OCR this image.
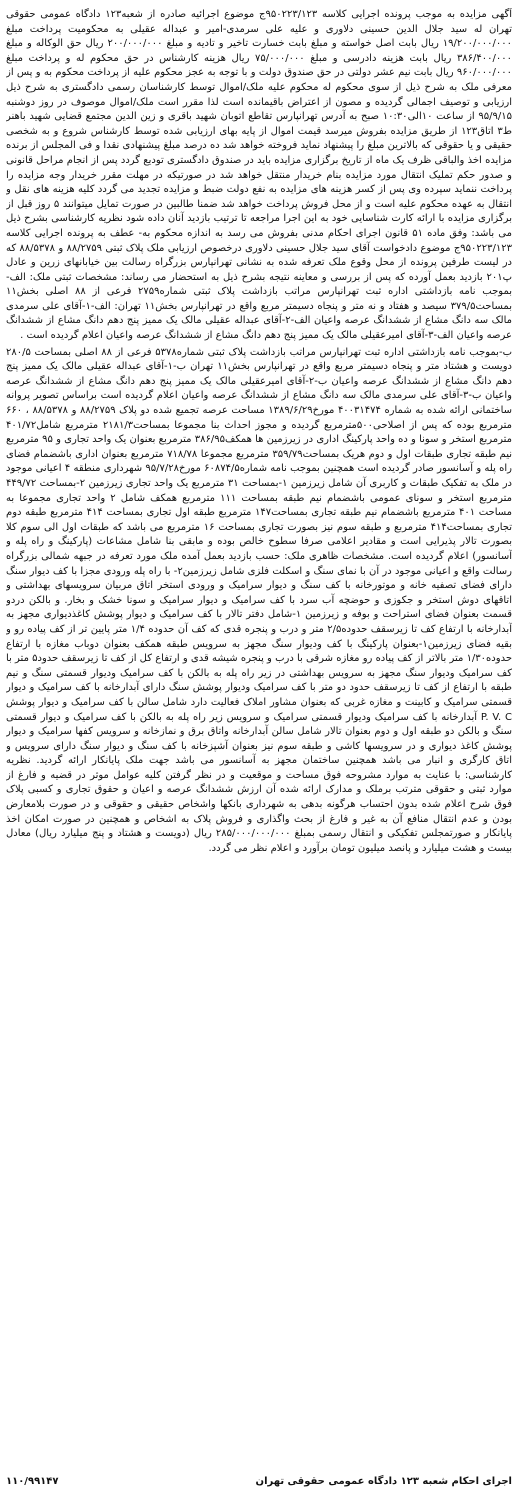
آگهی مزایده به موجب پرونده اجرایی کلاسه ۹۵۰۲۲۳/۱۲۳ج موضوع اجرائیه صادره از شعبه۱۲۳ دادگاه عمومی حقوقی تهران له سید جلال الدین حسینی دلاوری و علیه علی سرمدی-امیر و عبداله عقیلی به محکومیت پرداخت مبلغ ۱۹/۲۰۰/۰۰۰/۰۰۰ ریال بابت اصل خواسته و مبلغ بابت خسارت تاخیر و تادیه و مبلغ ۲۰۰/۰۰۰/۰۰۰ ریال حق الوکاله و مبلغ ۳۸۶/۴۰۰/۰۰۰ ریال بابت هزینه دادرسی و مبلغ ۷۵/۰۰۰/۰۰۰ ریال هزینه کارشناس در حق محکوم له و پرداخت مبلغ ۹۶۰/۰۰۰/۰۰۰ ریال بابت نیم عشر دولتی در حق صندوق دولت و با توجه به عجز محکوم علیه از پرداخت محکوم به و پس از معرفی ملک به شرح ذیل از سوی محکوم له محکوم علیه ملک/اموال توسط کارشناسان رسمی دادگستری به شرح ذیل ارزیابی و توصیف اجمالی گردیده و مصون از اعتراض باقیمانده است لذا مقرر است ملک/اموال موصوف در روز دوشنبه ۹۵/۹/۱۵ از ساعت ۱۰الی۱۰:۳۰ صبح به آدرس تهرانپارس تقاطع اتوبان شهید باقری و زین الدین مجتمع قضایی شهید باهنر ط۳ اتاق۱۲۳ از طریق مزایده بفروش میرسد قیمت اموال از پایه بهای ارزیابی شده توسط کارشناس شروع و به شخصی حقیقی و یا حقوقی که بالاترین مبلغ را پیشنهاد نماید فروخته خواهد شد ده درصد مبلغ پیشنهادی نقدا و فی المجلس از برنده مزایده اخذ والباقی ظرف یک ماه از تاریخ برگزاری مزایده باید در صندوق دادگستری تودیع گردد پس از انجام مراحل قانونی و صدور حکم تملیک انتقال مورد مزایده بنام خریدار منتقل خواهد شد در صورتیکه در مهلت مقرر خریدار وجه مزایده را پرداخت ننماید سپرده وی پس از کسر هزینه های مزایده به نفع دولت ضبط و مزایده تجدید می گردد کلیه هزینه های نقل و انتقال به عهده محکوم علیه است و از محل فروش پرداخت خواهد شد ضمنا طالبین در صورت تمایل میتوانند ۵ روز قبل از برگزاری مزایده با ارائه کارت شناسایی خود به این اجرا مراجعه تا ترتیب بازدید آنان داده شود نظریه کارشناسی بشرح ذیل می باشد: وفق ماده ۵۱ قانون اجرای احکام مدنی بفروش می رسد به اندازه محکوم به- عطف به پرونده اجرایی کلاسه ۹۵۰۲۲۳/۱۲۳ج موضوع دادخواست آقای سید جلال حسینی دلاوری درخصوص ارزیابی ملک پلاک ثبتی ۸۸/۲۷۵۹ و ۸۸/۵۳۷۸ که در لیست طرفین پرونده از محل وقوع ملک تعرفه شده به نشانی تهرانپارس بزرگراه رسالت بین خیابانهای زرین و عادل پ۲۰۱ بازدید بعمل آورده که پس از بررسی و معاینه نتیجه بشرح ذیل به استحضار می رساند: مشخصات ثبتی ملک: الف- بموجب نامه بازداشتی اداره ثبت تهرانپارس مراتب بازداشت پلاک ثبتی شماره۲۷۵۹ فرعی از ۸۸ اصلی بخش۱۱ بمساحت۳۷۹/۵ سیصد و هفتاد و نه متر و پنجاه دسیمتر مربع واقع در تهرانپارس بخش۱۱ تهران: الف-۱-آقای علی سرمدی مالک سه دانگ مشاع از ششدانگ عرصه واعیان الف-۲-آقای عبداله عقیلی مالک یک ممیز پنج دهم دانگ مشاع از ششدانگ عرصه واعیان الف-۳-آقای امیرعقیلی مالک یک ممیز پنج دهم دانگ مشاع از ششدانگ عرصه واعیان اعلام گردیده است .

ب-بموجب نامه بازداشتی اداره ثبت تهرانپارس مراتب بازداشت پلاک ثبتی شماره۵۳۷۸ فرعی از ۸۸ اصلی بمساحت ۲۸۰/۵ دویست و هشتاد متر و پنجاه دسیمتر مربع واقع در تهرانپارس بخش۱۱ تهران ب-۱-آقای عبداله عقیلی مالک یک ممیز پنج دهم دانگ مشاع از ششدانگ عرصه واعیان ب-۲-آقای امیرعقیلی مالک یک ممیز پنج دهم دانگ مشاع از ششدانگ عرصه واعیان ب-۳-آقای علی سرمدی مالک سه دانگ مشاع از ششدانگ عرصه واعیان اعلام گردیده است براساس تصویر پروانه ساختمانی ارائه شده به شماره ۴۰۰۳۱۴۷۴ مورخ۱۳۸۹/۶/۲۹ مساحت عرصه تجمیع شده دو پلاک ۸۸/۲۷۵۹ و ۸۸/۵۳۷۸ ، ۶۶۰ مترمربع بوده که پس از اصلاحی۵۰۰مترمربع گردیده و مجوز احداث بنا مجموعا بمساحت۲۱۸۱/۳ مترمربع شامل۴۰۱/۷۲ مترمربع استخر و سونا و ده واحد پارکینگ اداری در زیرزمین ها همکف۳۸۶/۹۵ مترمربع بعنوان یک واحد تجاری و ۹۵ مترمربع نیم طبقه تجاری طبقات اول و دوم هریک بمساحت۳۵۹/۷۹ مترمربع مجموعا ۷۱۸/۷۸ مترمربع بعنوان اداری باشضمام فضای راه پله و آسانسور صادر گردیده است همچنین بموجب نامه شماره۶۰۸۷۴/۵ مورخ۹۵/۷/۲۸ شهرداری منطقه ۴ اعیانی موجود در ملک به تفکیک طبقات و کاربری آن شامل زیرزمین ۱-بمساحت ۳۱ مترمربع یک واحد تجاری زیرزمین ۲-بمساحت ۴۴۹/۷۲ مترمربع استخر و سونای عمومی باشضمام نیم طبقه بمساحت ۱۱۱ مترمربع همکف شامل ۲ واحد تجاری مجموعا به مساحت ۴۰۱ مترمربع باشضمام نیم طبقه تجاری بمساحت۱۴۷ مترمربع طبقه اول تجاری بمساحت ۴۱۴ مترمربع طبقه دوم تجاری بمساحت۴۱۴ مترمربع و طبقه سوم نیز بصورت تجاری بمساحت ۱۶ مترمربع می باشد که طبقات اول الی سوم کلا بصورت تالار پذیرایی است و مقادیر اعلامی صرفا سطوح خالص بوده و مابقی بنا شامل مشاعات (پارکینگ و راه پله و آسانسور) اعلام گردیده است. مشخصات ظاهری ملک: حسب بازدید بعمل آمده ملک مورد تعرفه در جبهه شمالی بزرگراه رسالت واقع و اعیانی موجود در آن با نمای سنگ و اسکلت فلزی شامل زیرزمین۲- با راه پله ورودی مجزا با کف دیوار سنگ دارای فضای تصفیه خانه و موتورخانه با کف سنگ و دیوار سرامیک و ورودی استخر اتاق مربیان سرویسهای بهداشتی و اتاقهای دوش استخر و جکوزی و حوضچه آب سرد با کف سرامیک و دیوار سرامیک و سونا خشک و بخار. و بالکن دردو قسمت بعنوان فضای استراحت و بوفه و زیرزمین ۱-شامل دفتر تالار با کف سرامیک و دیوار پوشش کاغذدیواری مجهز به آبدارخانه با ارتفاع کف تا زیرسقف حدوده۲/۵ متر و درب و پنجره قدی که کف آن حدوده ۱/۴ متر پایین تر از کف پیاده رو و بقیه فضای زیرزمین۱-بعنوان پارکینگ با کف ودیوار سنگ مجهز به سرویس طبقه همکف بعنوان دوباب مغازه با ارتفاع حدوده۱/۳۰ متر بالاتر از کف پیاده رو مغازه شرقی با درب و پنجره شیشه قدی و ارتفاع کل از کف تا زیرسقف حدود۵ متر با کف سرامیک ودیوار سنگ مجهز به سرویس بهداشتی در زیر راه پله به بالکن با کف سرامیک ودیوار قسمتی سنگ و نیم طبقه با ارتفاع از کف تا زیرسقف حدود دو متر با کف سرامیک ودیوار پوشش سنگ دارای آبدارخانه با کف سرامیک و دیوار قسمتی سرامیک و کابینت و مغازه غربی که بعنوان مشاور املاک فعالیت دارد شامل سالن با کف سرامیک و دیوار پوشش P. V. C آبدارخانه با کف سرامیک ودیوار قسمتی سرامیک و سرویس زیر راه پله به بالکن با کف سرامیک و دیوار قسمتی سنگ و بالکن دو طبقه اول و دوم بعنوان تالار شامل سالن آبدارخانه واتاق برق و نمازخانه و سرویس کفها سرامیک و دیوار پوشش کاغذ دیواری و در سرویسها کاشی و طبقه سوم نیز بعنوان آشپزخانه با کف سنگ و دیوار سنگ دارای سرویس و اتاق کارگری و انبار می باشد همچنین ساختمان مجهز به آسانسور می باشد جهت ملک پایانکار ارائه گردید. نظریه کارشناسی: با عنایت به موارد مشروحه فوق مساحت و موقعیت و در نظر گرفتن کلیه عوامل موثر در قضیه و فارغ از موارد ثبتی و حقوقی مترتب برملک و مدارک ارائه شده آن ارزش ششدانگ عرصه و اعیان و حقوق تجاری و کسبی پلاک فوق شرح اعلام شده بدون احتساب هرگونه بدهی به شهرداری بانکها واشخاص حقیقی و حقوقی و در صورت بلامعارض بودن و عدم انتقال منافع آن به غیر و فارغ از بحث واگذاری و فروش پلاک به اشخاص و همچنین در صورت امکان اخذ پایانکار و صورتمجلس تفکیکی و انتقال رسمی بمبلغ ۲۸۵/۰۰۰/۰۰۰/۰۰۰ ریال (دویست و هشتاد و پنج میلیارد ریال) معادل بیست و هشت میلیارد و پانصد میلیون تومان برآورد و اعلام نظر می گردد.

اجرای احکام شعبه ۱۲۳ دادگاه عمومی حقوقی تهران
۱۱۰/۹۹۱۴۷
